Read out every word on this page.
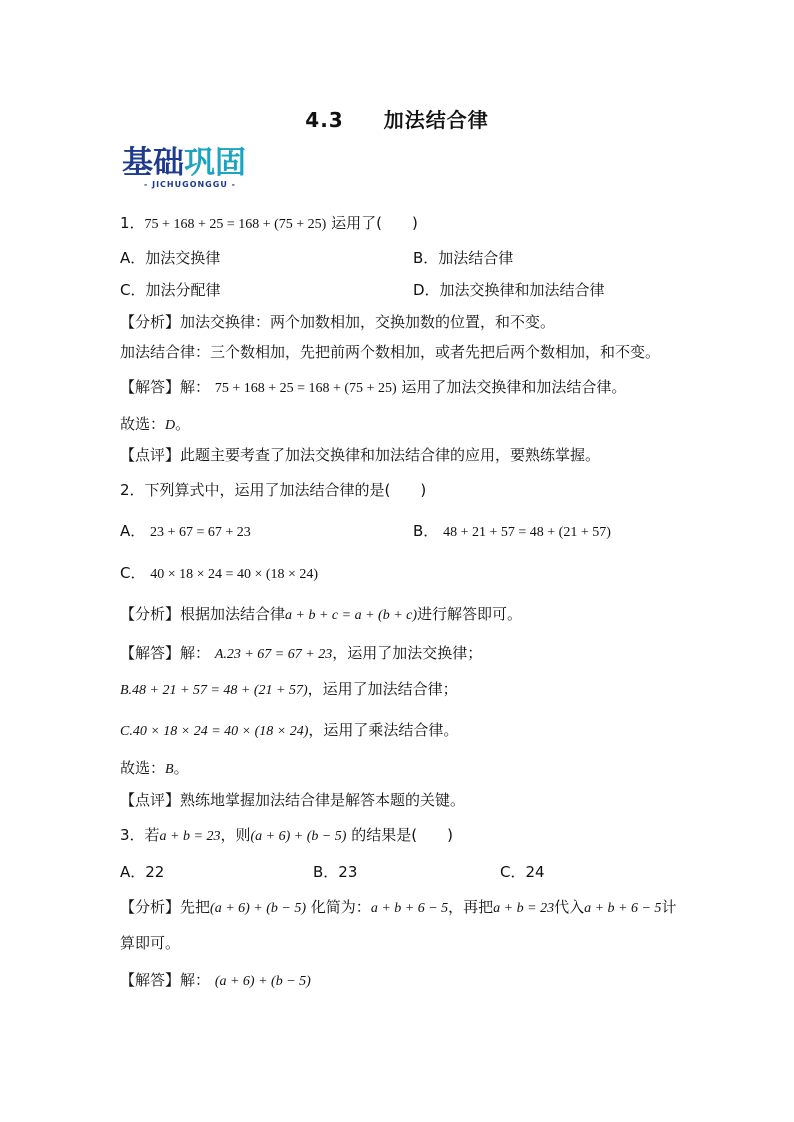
4.3 加法结合律
基础巩固
- JICHUGONGGU -
1．75 + 168 + 25 = 168 + (75 + 25) 运用了(　　)
A．加法交换律	B．加法结合律
C．加法分配律	D．加法交换律和加法结合律
【分析】加法交换律：两个加数相加，交换加数的位置，和不变。
加法结合律：三个数相加，先把前两个数相加，或者先把后两个数相加，和不变。
【解答】解： 75 + 168 + 25 = 168 + (75 + 25) 运用了加法交换律和加法结合律。
故选：D。
【点评】此题主要考查了加法交换律和加法结合律的应用，要熟练掌握。
2．下列算式中，运用了加法结合律的是(　　)
A． 23 + 67 = 67 + 23	B． 48 + 21 + 57 = 48 + (21 + 57)
C． 40 × 18 × 24 = 40 × (18 × 24)
【分析】根据加法结合律a + b + c = a + (b + c)进行解答即可。
【解答】解： A.23 + 67 = 67 + 23，运用了加法交换律；
B.48 + 21 + 57 = 48 + (21 + 57)，运用了加法结合律；
C.40 × 18 × 24 = 40 × (18 × 24)，运用了乘法结合律。
故选：B。
【点评】熟练地掌握加法结合律是解答本题的关键。
3．若a + b = 23，则(a + 6) + (b − 5) 的结果是(　　)
A．22	B．23	C．24
【分析】先把(a + 6) + (b − 5) 化简为：a + b + 6 − 5，再把a + b = 23代入a + b + 6 − 5计
算即可。
【解答】解： (a + 6) + (b − 5)
